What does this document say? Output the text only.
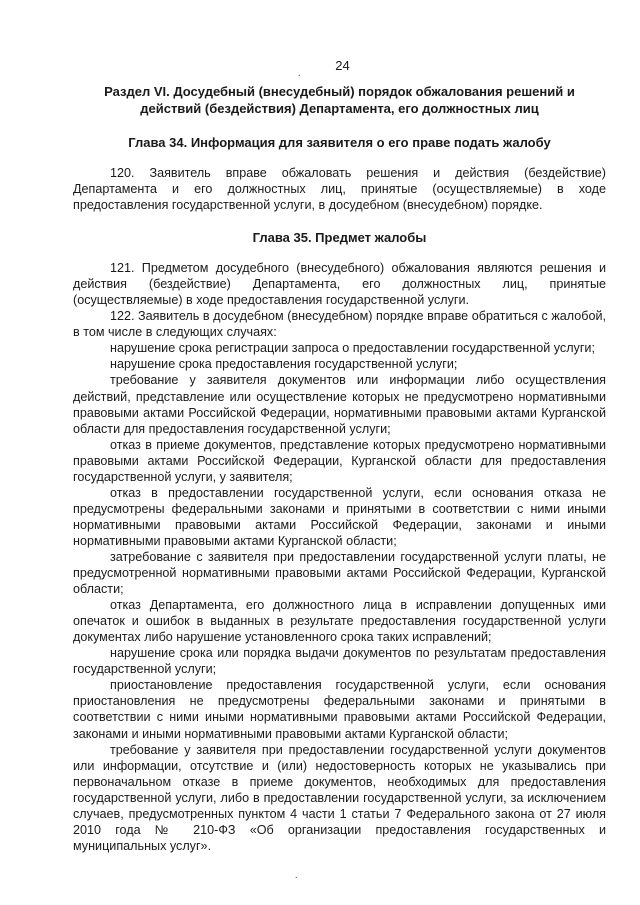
24
Раздел VI. Досудебный (внесудебный) порядок обжалования решений и действий (бездействия) Департамента, его должностных лиц
Глава 34. Информация для заявителя о его праве подать жалобу

120. Заявитель вправе обжаловать решения и действия (бездействие) Департамента и его должностных лиц, принятые (осуществляемые) в ходе предоставления государственной услуги, в досудебном (внесудебном) порядке.

Глава 35. Предмет жалобы

121. Предметом досудебного (внесудебного) обжалования являются решения и действия (бездействие) Департамента, его должностных лиц, принятые (осуществляемые) в ходе предоставления государственной услуги.

122. Заявитель в досудебном (внесудебном) порядке вправе обратиться с жалобой, в том числе в следующих случаях:

нарушение срока регистрации запроса о предоставлении государственной услуги;

нарушение срока предоставления государственной услуги;

требование у заявителя документов или информации либо осуществления действий, представление или осуществление которых не предусмотрено нормативными правовыми актами Российской Федерации, нормативными правовыми актами Курганской области для предоставления государственной услуги;

отказ в приеме документов, представление которых предусмотрено нормативными правовыми актами Российской Федерации, Курганской области для предоставления государственной услуги, у заявителя;

отказ в предоставлении государственной услуги, если основания отказа не предусмотрены федеральными законами и принятыми в соответствии с ними иными нормативными правовыми актами Российской Федерации, законами и иными нормативными правовыми актами Курганской области;

затребование с заявителя при предоставлении государственной услуги платы, не предусмотренной нормативными правовыми актами Российской Федерации, Курганской области;

отказ Департамента, его должностного лица в исправлении допущенных ими опечаток и ошибок в выданных в результате предоставления государственной услуги документах либо нарушение установленного срока таких исправлений;

нарушение срока или порядка выдачи документов по результатам предоставления государственной услуги;

приостановление предоставления государственной услуги, если основания приостановления не предусмотрены федеральными законами и принятыми в соответствии с ними иными нормативными правовыми актами Российской Федерации, законами и иными нормативными правовыми актами Курганской области;

требование у заявителя при предоставлении государственной услуги документов или информации, отсутствие и (или) недостоверность которых не указывались при первоначальном отказе в приеме документов, необходимых для предоставления государственной услуги, либо в предоставлении государственной услуги, за исключением случаев, предусмотренных пунктом 4 части 1 статьи 7 Федерального закона от 27 июля 2010 года № 210-ФЗ «Об организации предоставления государственных и муниципальных услуг».

.
.
